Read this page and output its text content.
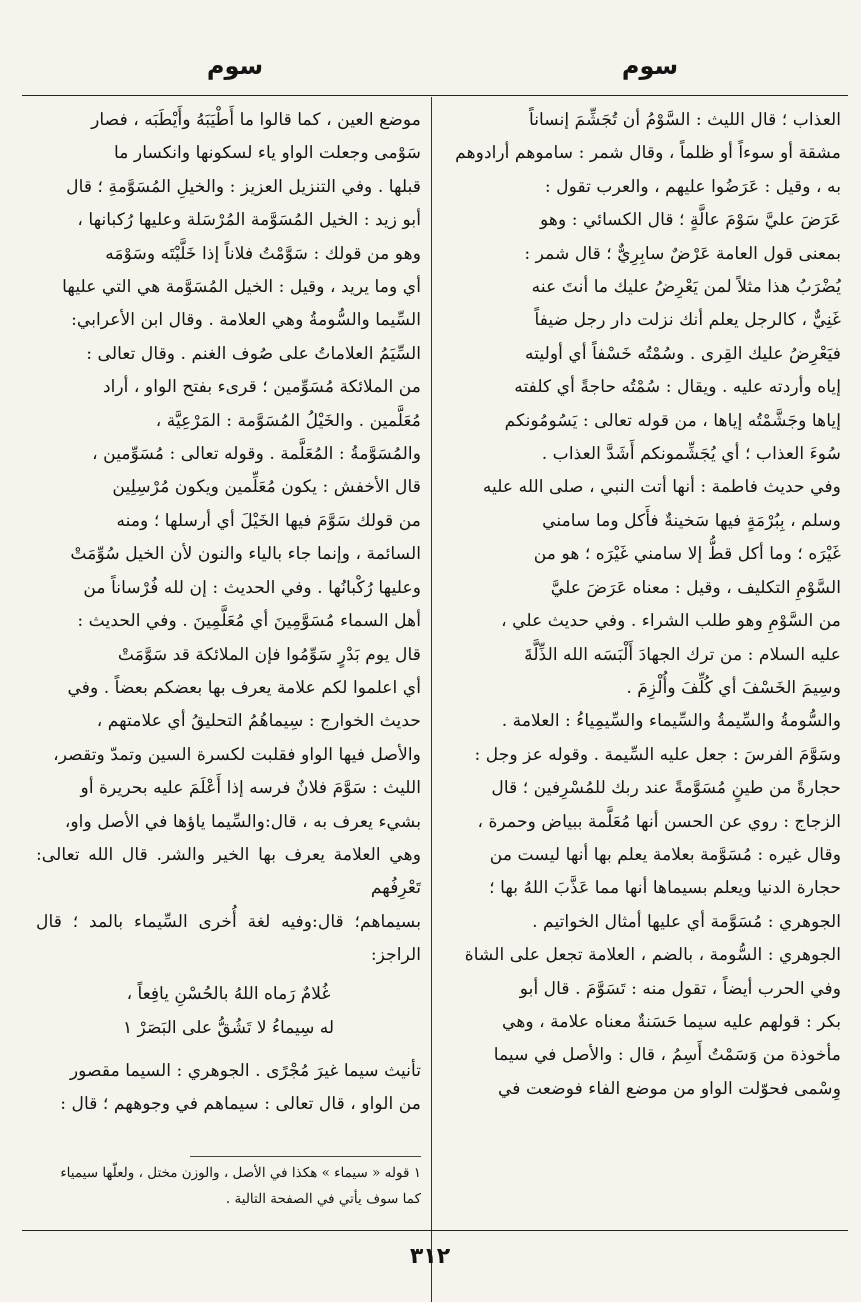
سوم
سوم

العذاب ؛ قال الليث : السَّوْمُ أن تُجَشِّمَ إنساناً

مشقة أو سوءاً أو ظلماً ، وقال شمر : ساموهم أرادوهم

به ، وقيل : عَرَضُوا عليهم ، والعرب تقول :

عَرَضَ عليَّ سَوْمَ عالَّةٍ ؛ قال الكسائي : وهو

بمعنى قول العامة عَرْضٌ سابِرِيٌّ ؛ قال شمر :

يُضْرَبُ هذا مثلاً لمن يَعْرِضُ عليك ما أنتَ عنه

غَنِيٌّ ، كالرجل يعلم أنك نزلت دار رجل ضيفاً

فيَعْرِضُ عليك القِرى . وسُمْتُه خَسْفاً أي أوليته

إياه وأردته عليه . ويقال : سُمْتُه حاجةً أي كلفته

إياها وجَشَّمْتُه إياها ، من قوله تعالى : يَسُومُونكم

سُوءَ العذاب ؛ أي يُجَشِّمونكم أَشَدَّ العذاب .

وفي حديث فاطمة : أنها أتت النبي ، صلى الله عليه

وسلم ، بِبُرْمَةٍ فيها سَخينةٌ فأَكل وما سامني

غَيْرَه ؛ وما أكل قطُّ إلا سامني غَيْرَه ؛ هو من

السَّوْمِ التكليف ، وقيل : معناه عَرَضَ عليَّ

من السَّوْمِ وهو طلب الشراء . وفي حديث علي ،

عليه السلام : من ترك الجهادَ أَلْبَسَه الله الذِّلَّةَ

وسِيمَ الخَسْفَ أي كُلِّفَ وأُلْزِمَ .

والسُّومةُ والسِّيمةُ والسِّيماء والسِّيمِياءُ : العلامة .

وسَوَّمَ الفرسَ : جعل عليه السِّيمة . وقوله عز وجل :

حجارةً من طينٍ مُسَوَّمةً عند ربك للمُسْرِفين ؛ قال

الزجاج : روي عن الحسن أنها مُعَلَّمة ببياض وحمرة ،

وقال غيره : مُسَوَّمة بعلامة يعلم بها أنها ليست من

حجارة الدنيا ويعلم بسيماها أنها مما عَذَّبَ اللهُ بها ؛

الجوهري : مُسَوَّمة أي عليها أمثال الخواتيم .

الجوهري : السُّومة ، بالضم ، العلامة تجعل على الشاة

وفي الحرب أيضاً ، تقول منه : تَسَوَّمَ . قال أبو

بكر : قولهم عليه سيما حَسَنةٌ معناه علامة ، وهي

مأخوذة من وَسَمْتُ أَسِمُ ، قال : والأصل في سيما

وِسْمى فحوّلت الواو من موضع الفاء فوضعت في

موضع العين ، كما قالوا ما أَطْيَبَهُ وأَيْطَبَه ، فصار

سَوْمى وجعلت الواو ياء لسكونها وانكسار ما

قبلها . وفي التنزيل العزيز : والخيلِ المُسَوَّمةِ ؛ قال

أبو زيد : الخيل المُسَوَّمة المُرْسَلة وعليها رُكبانها ،

وهو من قولك : سَوَّمْتُ فلاناً إذا خَلَّيْتَه وسَوْمَه

أي وما يريد ، وقيل : الخيل المُسَوَّمة هي التي عليها

السِّيما والسُّومةُ وهي العلامة . وقال ابن الأعرابي:

السِّيَمُ العلاماتُ على صُوف الغنم . وقال تعالى :

من الملائكة مُسَوِّمين ؛ قرىء بفتح الواو ، أراد

مُعَلَّمين . والخَيْلُ المُسَوَّمة : المَرْعِيَّة ،

والمُسَوَّمةُ : المُعَلَّمة . وقوله تعالى : مُسَوِّمين ،

قال الأخفش : يكون مُعَلِّمين ويكون مُرْسِلِين

من قولك سَوَّمَ فيها الخَيْلَ أي أرسلها ؛ ومنه

السائمة ، وإنما جاء بالياء والنون لأن الخيل سُوِّمَتْ

وعليها رُكْبانُها . وفي الحديث : إن لله فُرْساناً من

أهل السماء مُسَوَّمِينَ أي مُعَلَّمِينَ . وفي الحديث :

قال يوم بَدْرٍ سَوِّمُوا فإن الملائكة قد سَوَّمَتْ

أي اعلموا لكم علامة يعرف بها بعضكم بعضاً . وفي

حديث الخوارج : سِيماهُمُ التحليقُ أي علامتهم ،

والأصل فيها الواو فقلبت لكسرة السين وتمدّ وتقصر،

الليث : سَوَّمَ فلانٌ فرسه إذا أَعْلَمَ عليه بحريرة أو

بشيء يعرف به ، قال:والسِّيما ياؤها في الأصل واو،

وهي العلامة يعرف بها الخير والشر. قال الله تعالى: تَعْرِفُهم

بسيماهم؛ قال:وفيه لغة أُخرى السِّيماء بالمد ؛ قال الراجز:

غُلامٌ رَماه اللهُ بالحُسْنِ يافِعاً ،

له سِيماءُ لا تَشُقُّ على البَصَرْ ١

تأنيث سيما غيرَ مُجْرًى . الجوهري : السيما مقصور

من الواو ، قال تعالى : سيماهم في وجوههم ؛ قال :

١ قوله « سيماء » هكذا في الأصل ، والوزن مختل ، ولعلّها سيمياء

كما سوف يأتي في الصفحة التالية .

٣١٢
